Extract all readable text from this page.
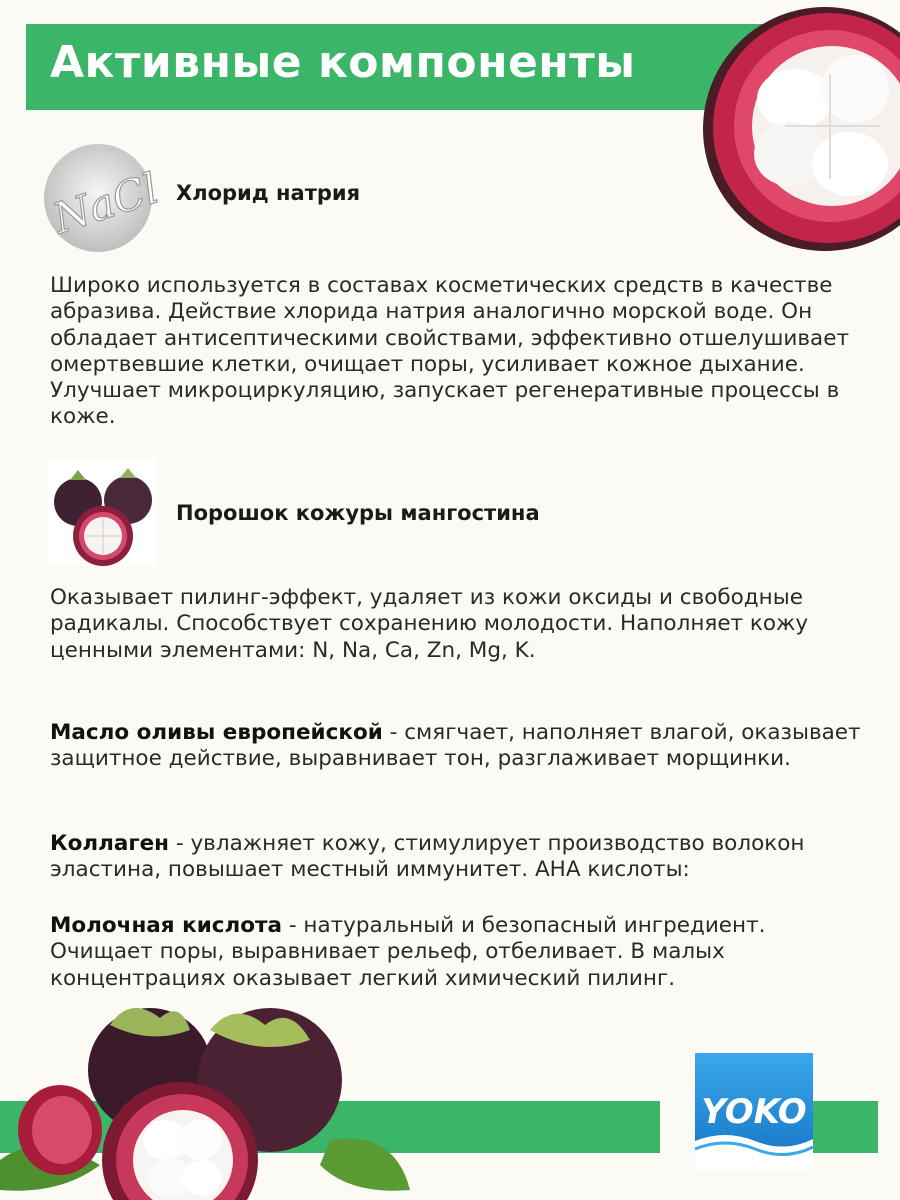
Активные компоненты
NaCl Хлорид натрия
Широко используется в составах косметических средств в качестве абразива. Действие хлорида натрия аналогично морской воде. Он обладает антисептическими свойствами, эффективно отшелушивает омертвевшие клетки, очищает поры, усиливает кожное дыхание. Улучшает микроциркуляцию, запускает регенеративные процессы в коже.
Порошок кожуры мангостина
Оказывает пилинг-эффект, удаляет из кожи оксиды и свободные радикалы. Способствует сохранению молодости. Наполняет кожу ценными элементами: N, Na, Ca, Zn, Mg, K.
Масло оливы европейской - смягчает, наполняет влагой, оказывает защитное действие, выравнивает тон, разглаживает морщинки.
Коллаген - увлажняет кожу, стимулирует производство волокон эластина, повышает местный иммунитет. AHA кислоты:
Молочная кислота - натуральный и безопасный ингредиент. Очищает поры, выравнивает рельеф, отбеливает. В малых концентрациях оказывает легкий химический пилинг.
YOKO
